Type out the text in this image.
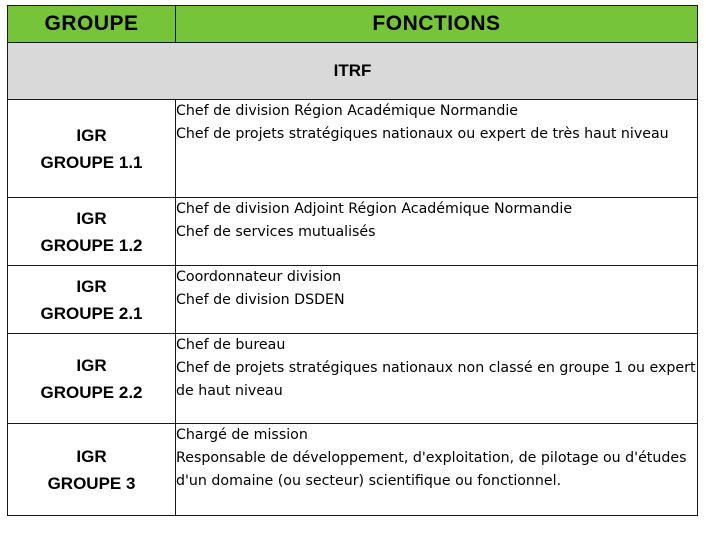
GROUPE	FONCTIONS
ITRF	

IGR
GROUPE 1.1	Chef de division Région Académique Normandie
Chef de projets stratégiques nationaux ou expert de très haut niveau

IGR
GROUPE 1.2	Chef de division Adjoint Région Académique Normandie
Chef de services mutualisés

IGR
GROUPE 2.1	Coordonnateur division
Chef de division DSDEN

IGR
GROUPE 2.2	Chef de bureau
Chef de projets stratégiques nationaux non classé en groupe 1 ou expert de haut niveau

IGR
GROUPE 3	Chargé de mission
Responsable de développement, d'exploitation, de pilotage ou d'études d'un domaine (ou secteur) scientifique ou fonctionnel.
